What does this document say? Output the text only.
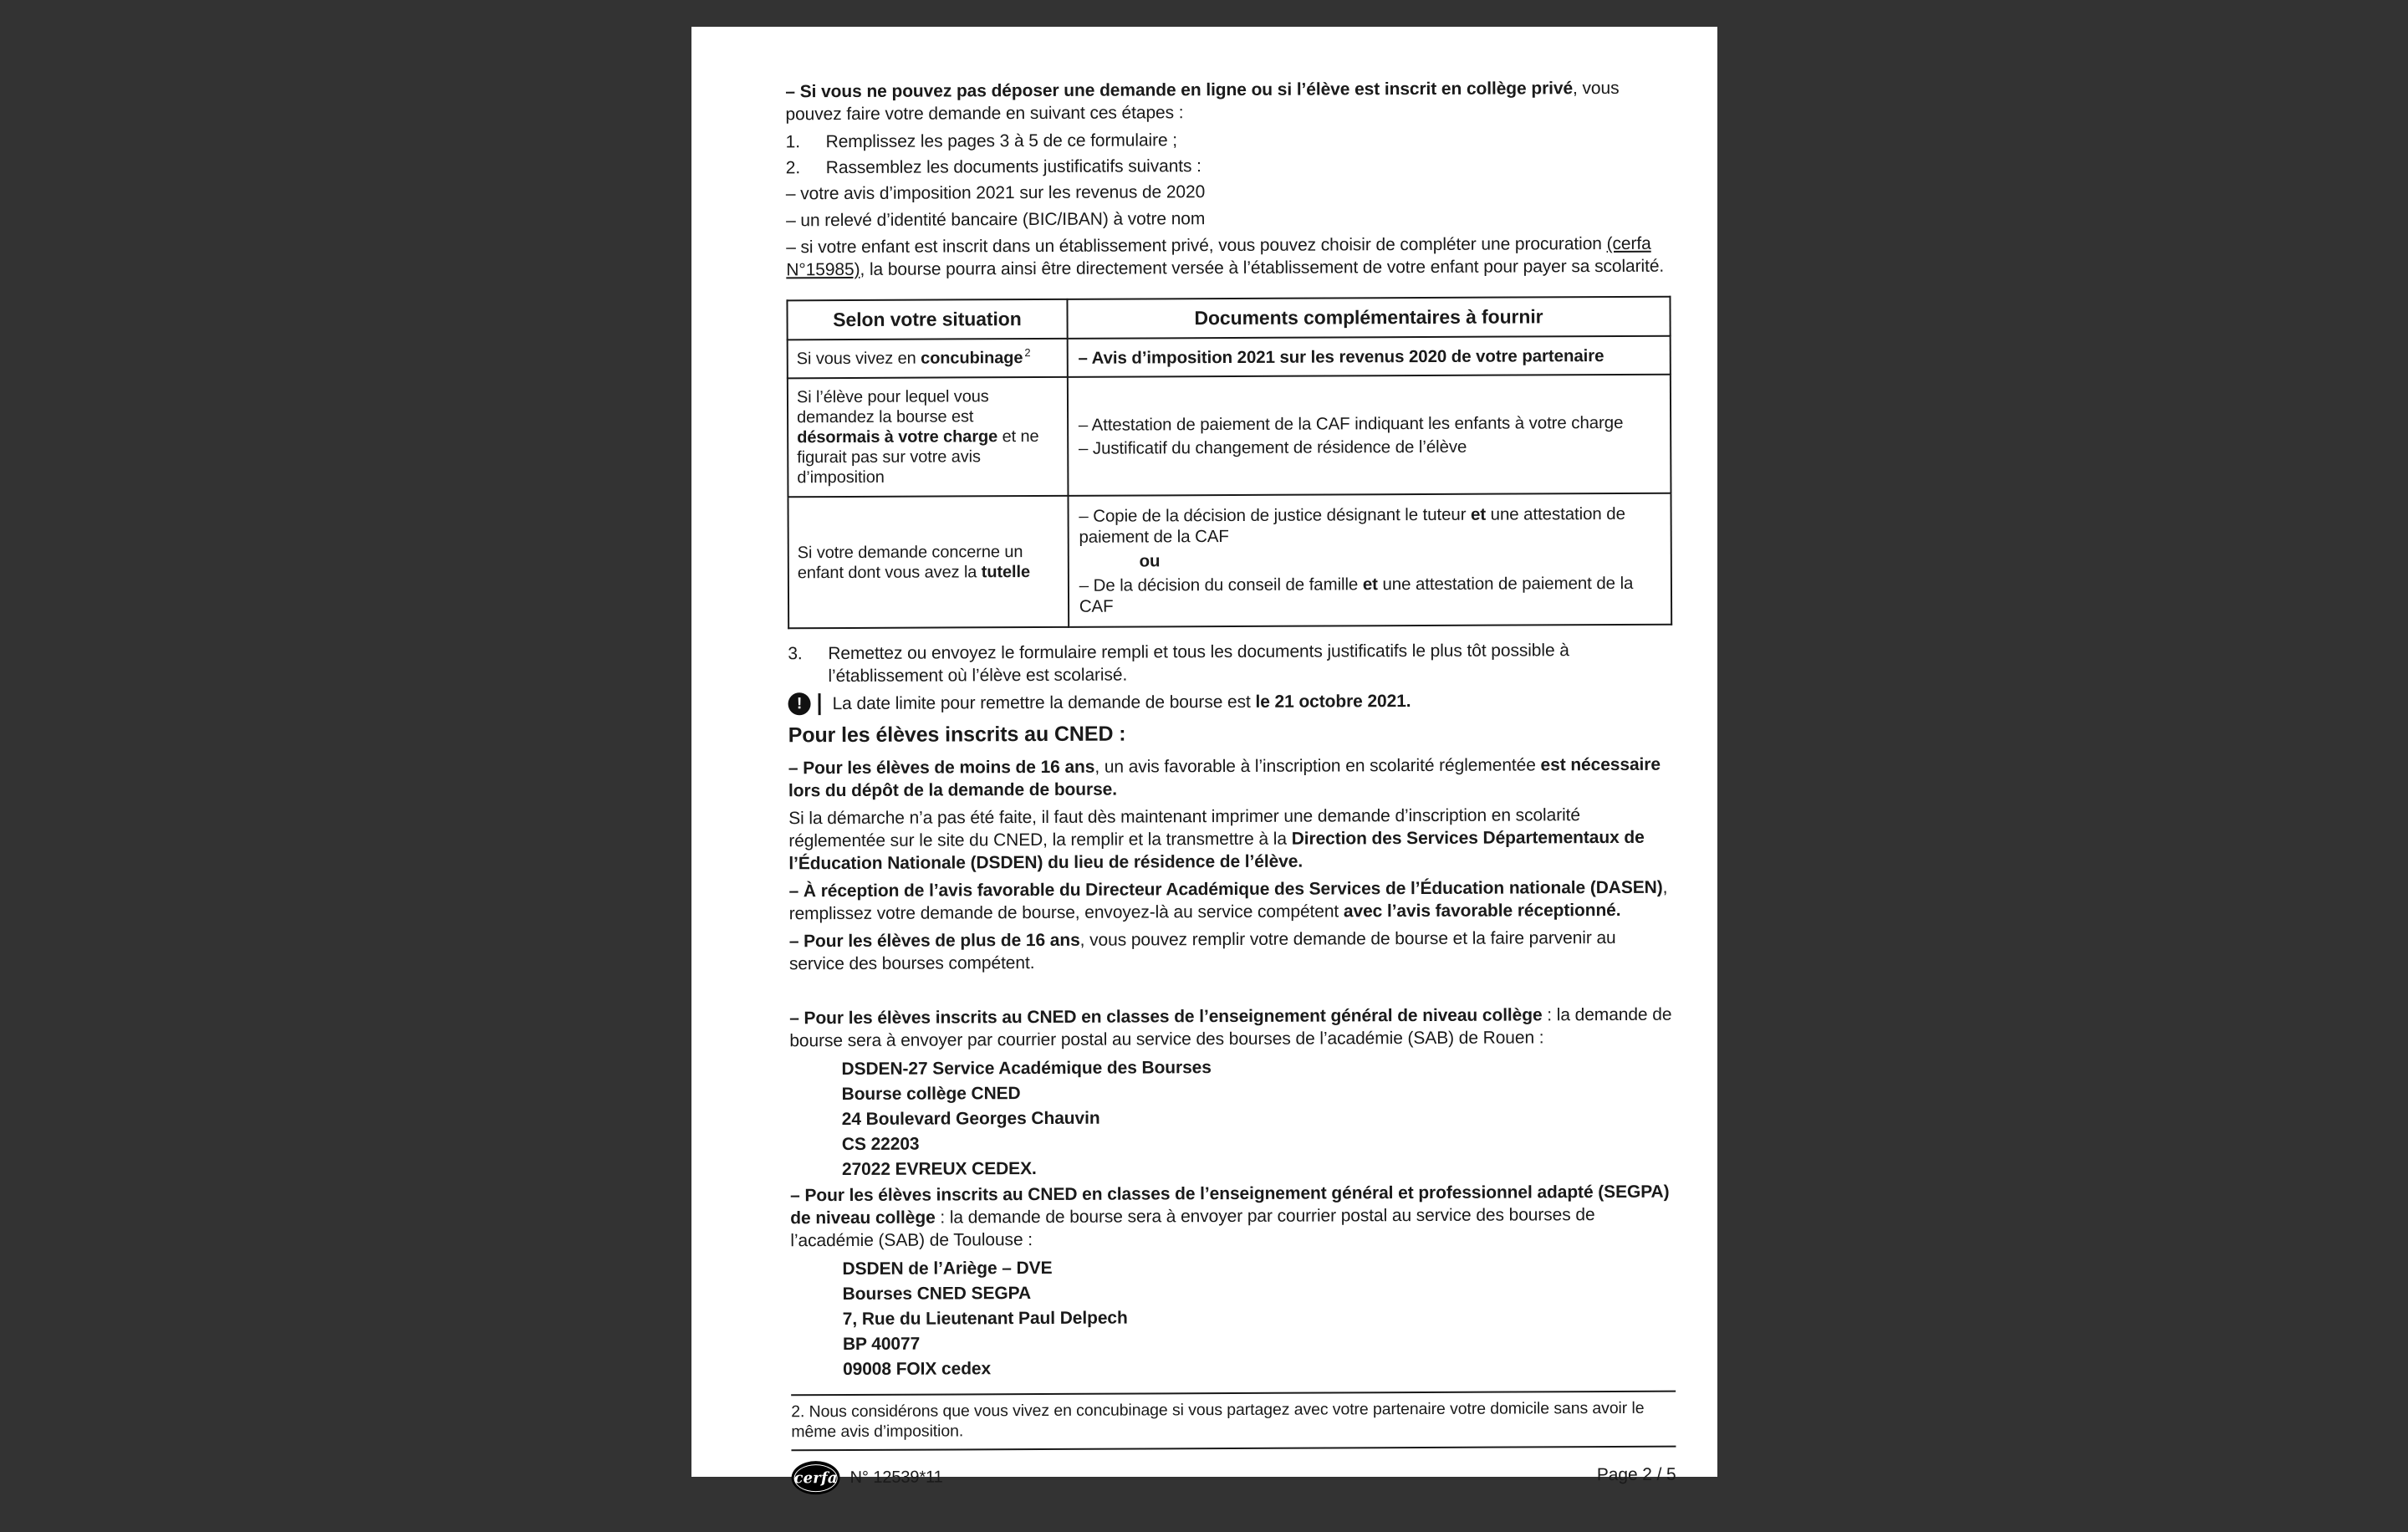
– Si vous ne pouvez pas déposer une demande en ligne ou si l’élève est inscrit en collège privé, vous pouvez faire votre demande en suivant ces étapes :

1. Remplissez les pages 3 à 5 de ce formulaire ;
2. Rassemblez les documents justificatifs suivants :

– votre avis d’imposition 2021 sur les revenus de 2020

– un relevé d’identité bancaire (BIC/IBAN) à votre nom

– si votre enfant est inscrit dans un établissement privé, vous pouvez choisir de compléter une procuration (cerfa N°15985), la bourse pourra ainsi être directement versée à l’établissement de votre enfant pour payer sa scolarité.

Selon votre situation	Documents complémentaires à fournir
Si vous vivez en concubinage $^2$	– Avis d’imposition 2021 sur les revenus 2020 de votre partenaire
Si l’élève pour lequel vous demandez la bourse est désormais à votre charge et ne figurait pas sur votre avis d’imposition	– Attestation de paiement de la CAF indiquant les enfants à votre charge
– Justificatif du changement de résidence de l’élève

Si votre demande concerne un enfant dont vous avez la tutelle	– Copie de la décision de justice désignant le tuteur et une attestation de paiement de la CAF
ou
– De la décision du conseil de famille et une attestation de paiement de la CAF
3. Remettez ou envoyez le formulaire rempli et tous les documents justificatifs le plus tôt possible à l’établissement où l’élève est scolarisé.
! La date limite pour remettre la demande de bourse est le 21 octobre 2021.
Pour les élèves inscrits au CNED :

– Pour les élèves de moins de 16 ans, un avis favorable à l’inscription en scolarité réglementée est nécessaire lors du dépôt de la demande de bourse.

Si la démarche n’a pas été faite, il faut dès maintenant imprimer une demande d’inscription en scolarité réglementée sur le site du CNED, la remplir et la transmettre à la Direction des Services Départementaux de l’Éducation Nationale (DSDEN) du lieu de résidence de l’élève.

– À réception de l’avis favorable du Directeur Académique des Services de l’Éducation nationale (DASEN), remplissez votre demande de bourse, envoyez-là au service compétent avec l’avis favorable réceptionné.

– Pour les élèves de plus de 16 ans, vous pouvez remplir votre demande de bourse et la faire parvenir au service des bourses compétent.

– Pour les élèves inscrits au CNED en classes de l’enseignement général de niveau collège : la demande de bourse sera à envoyer par courrier postal au service des bourses de l’académie (SAB) de Rouen :

DSDEN-27 Service Académique des Bourses
Bourse collège CNED
24 Boulevard Georges Chauvin
CS 22203
27022 EVREUX CEDEX.

– Pour les élèves inscrits au CNED en classes de l’enseignement général et professionnel adapté (SEGPA) de niveau collège : la demande de bourse sera à envoyer par courrier postal au service des bourses de l’académie (SAB) de Toulouse :

DSDEN de l’Ariège – DVE
Bourses CNED SEGPA
7, Rue du Lieutenant Paul Delpech
BP 40077
09008 FOIX cedex
2. Nous considérons que vous vivez en concubinage si vous partagez avec votre partenaire votre domicile sans avoir le même avis d’imposition.
cerfa N° 12539*11	Page 2 / 5
